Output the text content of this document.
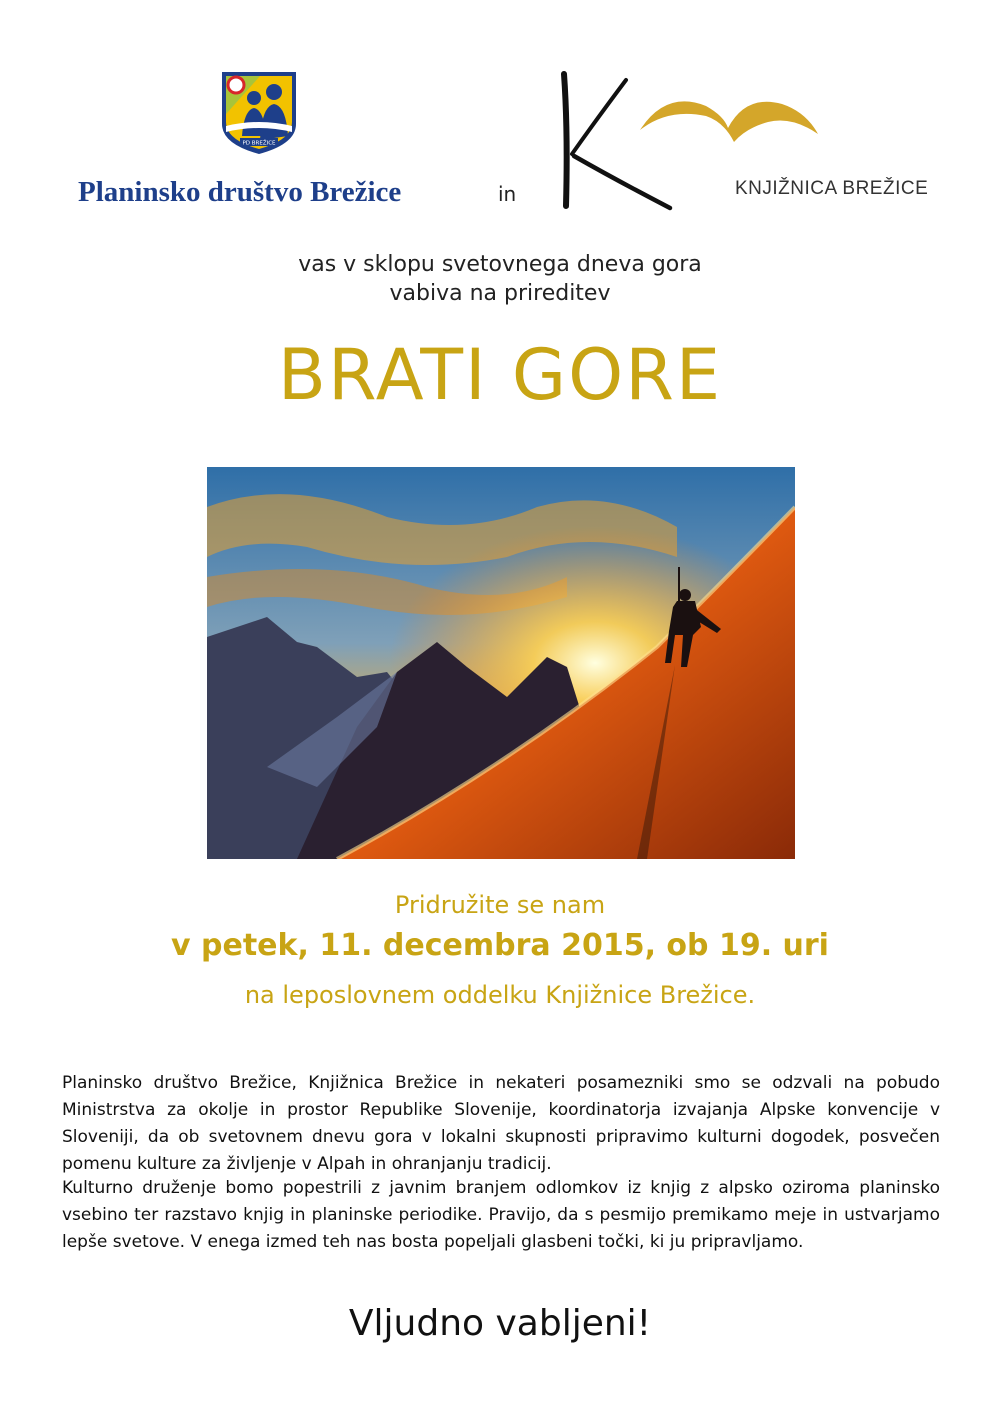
PD BREŽICE
Planinsko društvo Brežice	in	KNJIŽNICA BREŽICE
vas v sklopu svetovnega dneva gora
vabiva na prireditev
BRATI GORE
Pridružite se nam
v petek, 11. decembra 2015, ob 19. uri
na leposlovnem oddelku Knjižnice Brežice.

Planinsko društvo Brežice, Knjižnica Brežice in nekateri posamezniki smo se odzvali na pobudo Ministrstva za okolje in prostor Republike Slovenije, koordinatorja izvajanja Alpske konvencije v Sloveniji, da ob svetovnem dnevu gora v lokalni skupnosti pripravimo kulturni dogodek, posvečen pomenu kulture za življenje v Alpah in ohranjanju tradicij.

Kulturno druženje bomo popestrili z javnim branjem odlomkov iz knjig z alpsko oziroma planinsko vsebino ter razstavo knjig in planinske periodike. Pravijo, da s pesmijo premikamo meje in ustvarjamo lepše svetove. V enega izmed teh nas bosta popeljali glasbeni točki, ki ju pripravljamo.

Vljudno vabljeni!
